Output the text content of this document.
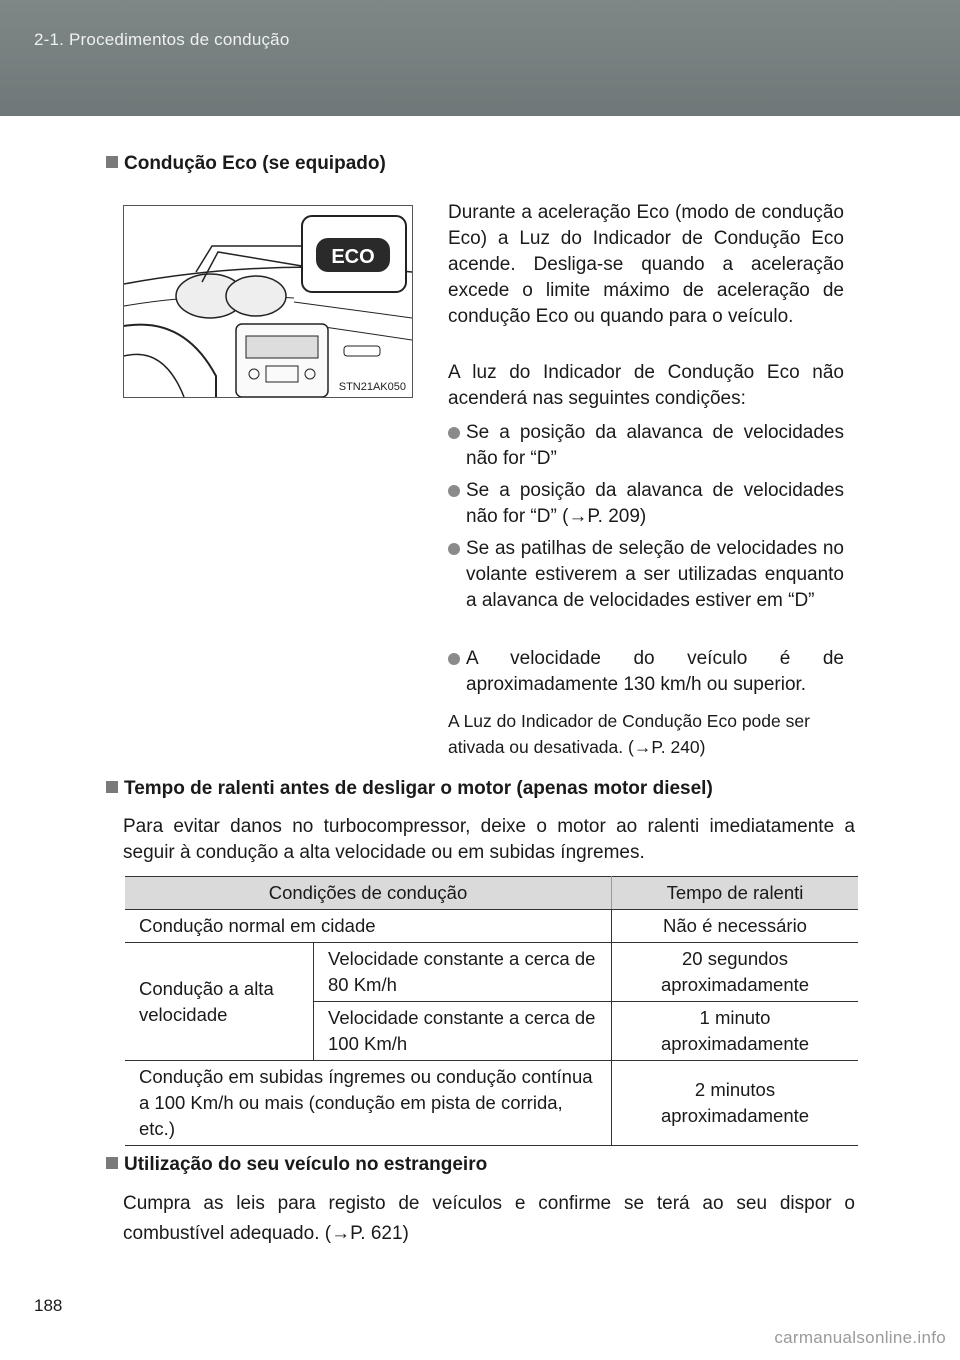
2-1. Procedimentos de condução
Condução Eco (se equipado)
ECO
STN21AK050
Durante a aceleração Eco (modo de condução Eco) a Luz do Indicador de Condução Eco acende. Desliga-se quando a aceleração excede o limite máximo de aceleração de condução Eco ou quando para o veículo.
A luz do Indicador de Condução Eco não acenderá nas seguintes condições:
Se a posição da alavanca de velocidades não for “D”
Se a posição da alavanca de velocidades não for “D” (→P. 209)
Se as patilhas de seleção de velocidades no volante estiverem a ser utilizadas enquanto a alavanca de velocidades estiver em “D”
A velocidade do veículo é de aproximadamente 130 km/h ou superior.
A Luz do Indicador de Condução Eco pode ser ativada ou desativada. (→P. 240)
Tempo de ralenti antes de desligar o motor (apenas motor diesel)
Para evitar danos no turbocompressor, deixe o motor ao ralenti imediatamente a seguir à condução a alta velocidade ou em subidas íngremes.
Condições de condução		Tempo de ralenti
Condução normal em cidade		Não é necessário
Condução a alta velocidade	Velocidade constante a cerca de 80 Km/h	20 segundos aproximadamente
	Velocidade constante a cerca de 100 Km/h	1 minuto aproximadamente
Condução em subidas íngremes ou condução contínua a 100 Km/h ou mais (condução em pista de corrida, etc.)		2 minutos aproximadamente
Utilização do seu veículo no estrangeiro
Cumpra as leis para registo de veículos e confirme se terá ao seu dispor o combustível adequado. (→P. 621)
188
carmanualsonline.info
